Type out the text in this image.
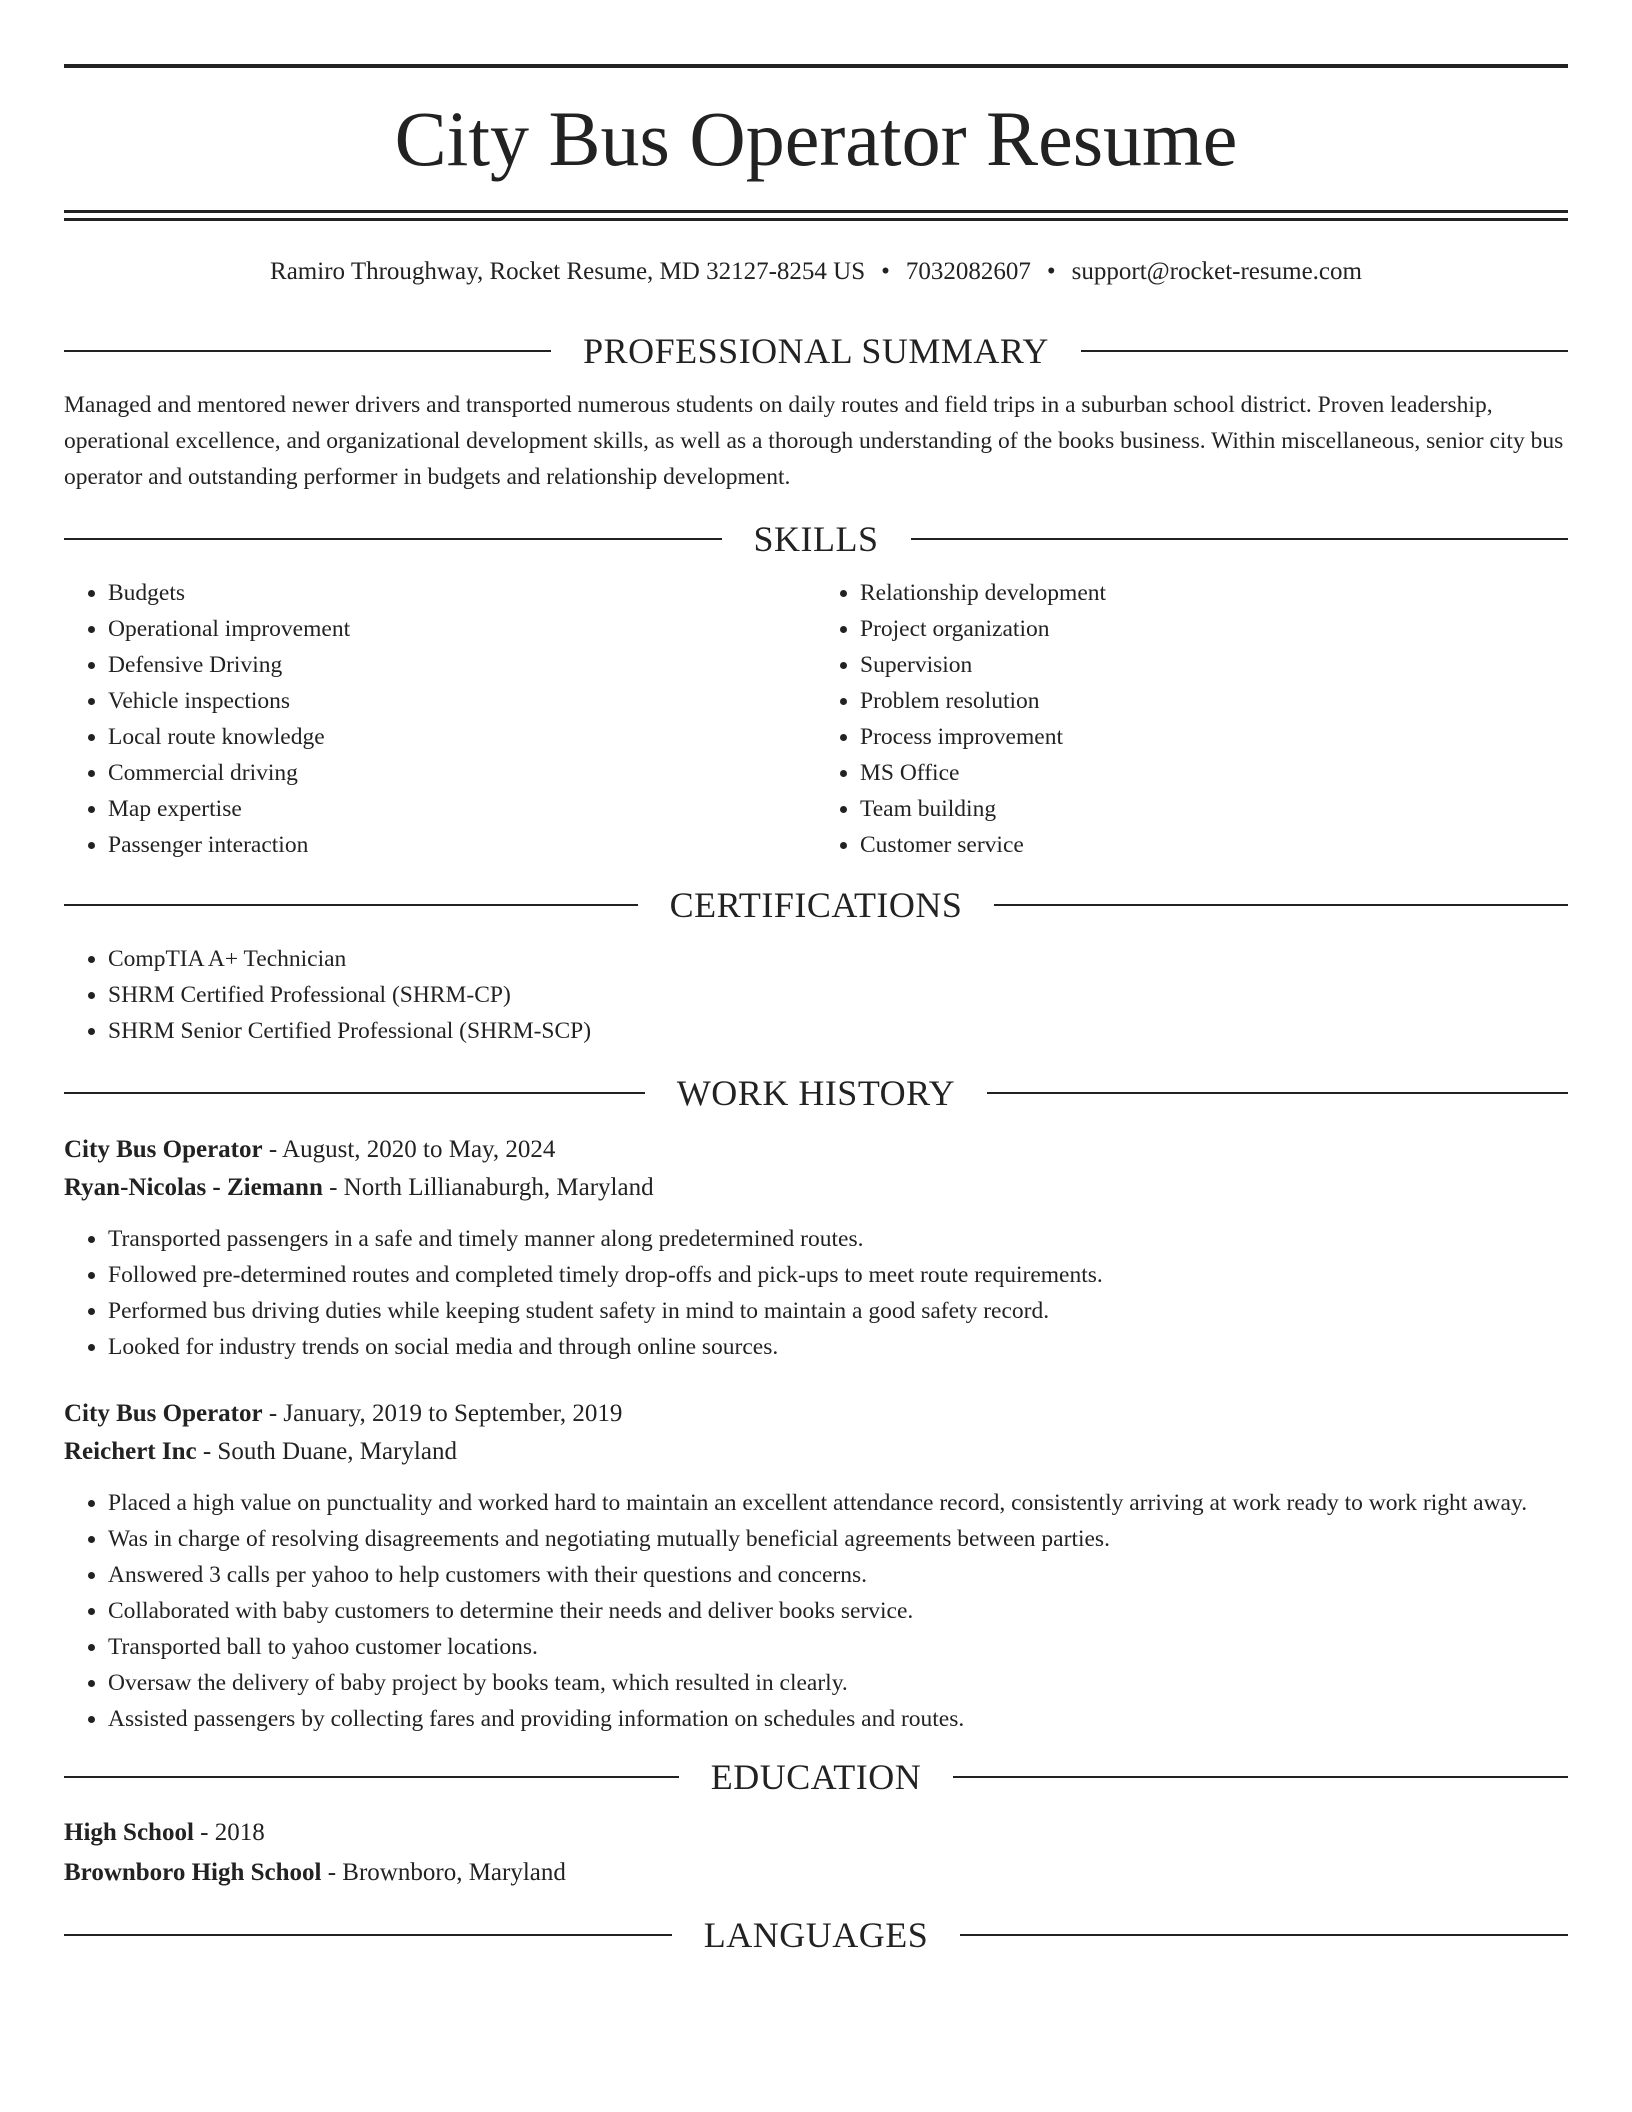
City Bus Operator Resume
Ramiro Throughway, Rocket Resume, MD 32127-8254 US • 7032082607 • support@rocket-resume.com
PROFESSIONAL SUMMARY

Managed and mentored newer drivers and transported numerous students on daily routes and field trips in a suburban school district. Proven leadership, operational excellence, and organizational development skills, as well as a thorough understanding of the books business. Within miscellaneous, senior city bus operator and outstanding performer in budgets and relationship development.

SKILLS
• Budgets
• Operational improvement
• Defensive Driving
• Vehicle inspections
• Local route knowledge
• Commercial driving
• Map expertise
• Passenger interaction
• Relationship development
• Project organization
• Supervision
• Problem resolution
• Process improvement
• MS Office
• Team building
• Customer service
CERTIFICATIONS
• CompTIA A+ Technician
• SHRM Certified Professional (SHRM-CP)
• SHRM Senior Certified Professional (SHRM-SCP)
WORK HISTORY
City Bus Operator - August, 2020 to May, 2024
Ryan-Nicolas - Ziemann - North Lillianaburgh, Maryland
• Transported passengers in a safe and timely manner along predetermined routes.
• Followed pre-determined routes and completed timely drop-offs and pick-ups to meet route requirements.
• Performed bus driving duties while keeping student safety in mind to maintain a good safety record.
• Looked for industry trends on social media and through online sources.
City Bus Operator - January, 2019 to September, 2019
Reichert Inc - South Duane, Maryland
• Placed a high value on punctuality and worked hard to maintain an excellent attendance record, consistently arriving at work ready to work right away.
• Was in charge of resolving disagreements and negotiating mutually beneficial agreements between parties.
• Answered 3 calls per yahoo to help customers with their questions and concerns.
• Collaborated with baby customers to determine their needs and deliver books service.
• Transported ball to yahoo customer locations.
• Oversaw the delivery of baby project by books team, which resulted in clearly.
• Assisted passengers by collecting fares and providing information on schedules and routes.
EDUCATION
High School - 2018
Brownboro High School - Brownboro, Maryland
LANGUAGES
